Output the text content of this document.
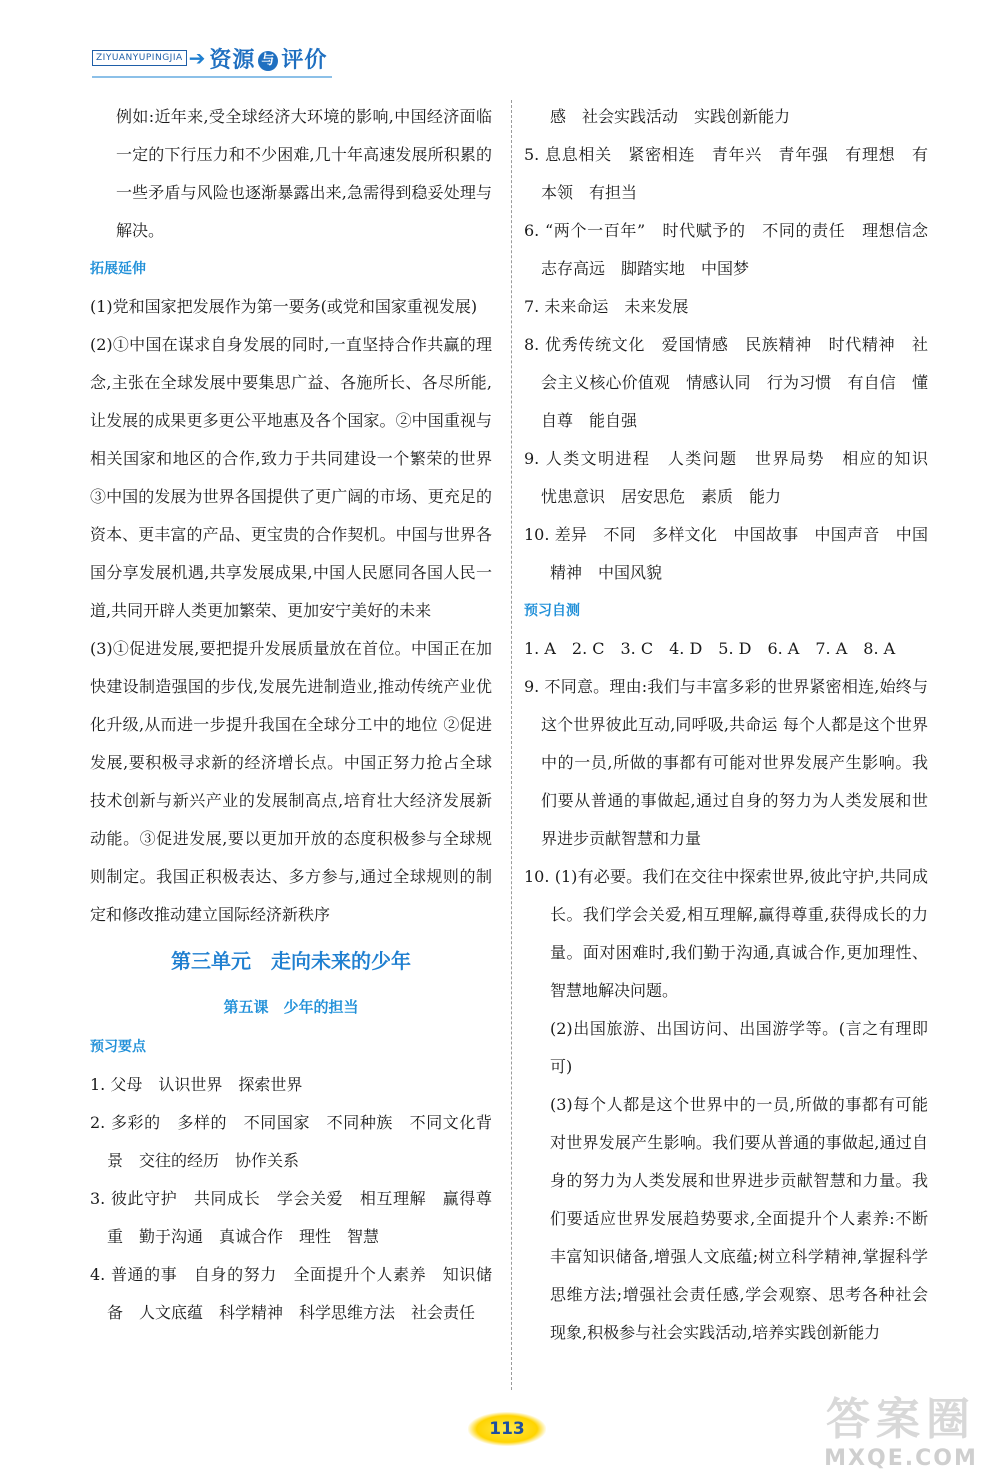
ZIYUANYUPINGJIA ➔ 资源 与 评价

例如:近年来,受全球经济大环境的影响,中国经济面临一定的下行压力和不少困难,几十年高速发展所积累的一些矛盾与风险也逐渐暴露出来,急需得到稳妥处理与解决。

拓展延伸

(1)党和国家把发展作为第一要务(或党和国家重视发展)

(2)①中国在谋求自身发展的同时,一直坚持合作共赢的理念,主张在全球发展中要集思广益、各施所长、各尽所能,让发展的成果更多更公平地惠及各个国家。②中国重视与相关国家和地区的合作,致力于共同建设一个繁荣的世界 ③中国的发展为世界各国提供了更广阔的市场、更充足的资本、更丰富的产品、更宝贵的合作契机。中国与世界各国分享发展机遇,共享发展成果,中国人民愿同各国人民一道,共同开辟人类更加繁荣、更加安宁美好的未来

(3)①促进发展,要把提升发展质量放在首位。中国正在加快建设制造强国的步伐,发展先进制造业,推动传统产业优化升级,从而进一步提升我国在全球分工中的地位 ②促进发展,要积极寻求新的经济增长点。中国正努力抢占全球技术创新与新兴产业的发展制高点,培育壮大经济发展新动能。③促进发展,要以更加开放的态度积极参与全球规则制定。我国正积极表达、多方参与,通过全球规则的制定和修改推动建立国际经济新秩序

第三单元　走向未来的少年
第五课　少年的担当
预习要点

1. 父母　认识世界　探索世界

2. 多彩的　多样的　不同国家　不同种族　不同文化背景　交往的经历　协作关系

3. 彼此守护　共同成长　学会关爱　相互理解　赢得尊重　勤于沟通　真诚合作　理性　智慧

4. 普通的事　自身的努力　全面提升个人素养　知识储备　人文底蕴　科学精神　科学思维方法　社会责任

感　社会实践活动　实践创新能力

5. 息息相关　紧密相连　青年兴　青年强　有理想　有本领　有担当

6. “两个一百年”　时代赋予的　不同的责任　理想信念　志存高远　脚踏实地　中国梦

7. 未来命运　未来发展

8. 优秀传统文化　爱国情感　民族精神　时代精神　社会主义核心价值观　情感认同　行为习惯　有自信　懂自尊　能自强

9. 人类文明进程　人类问题　世界局势　相应的知识　忧患意识　居安思危　素质　能力

10. 差异　不同　多样文化　中国故事　中国声音　中国精神　中国风貌

预习自测

1. A　2. C　3. C　4. D　5. D　6. A　7. A　8. A

9. 不同意。理由:我们与丰富多彩的世界紧密相连,始终与这个世界彼此互动,同呼吸,共命运 每个人都是这个世界中的一员,所做的事都有可能对世界发展产生影响。我们要从普通的事做起,通过自身的努力为人类发展和世界进步贡献智慧和力量

10. (1)有必要。我们在交往中探索世界,彼此守护,共同成长。我们学会关爱,相互理解,赢得尊重,获得成长的力量。面对困难时,我们勤于沟通,真诚合作,更加理性、智慧地解决问题。

(2)出国旅游、出国访问、出国游学等。(言之有理即可)

(3)每个人都是这个世界中的一员,所做的事都有可能对世界发展产生影响。我们要从普通的事做起,通过自身的努力为人类发展和世界进步贡献智慧和力量。我们要适应世界发展趋势要求,全面提升个人素养:不断丰富知识储备,增强人文底蕴;树立科学精神,掌握科学思维方法;增强社会责任感,学会观察、思考各种社会现象,积极参与社会实践活动,培养实践创新能力

113	答案圈
MXQE.COM
